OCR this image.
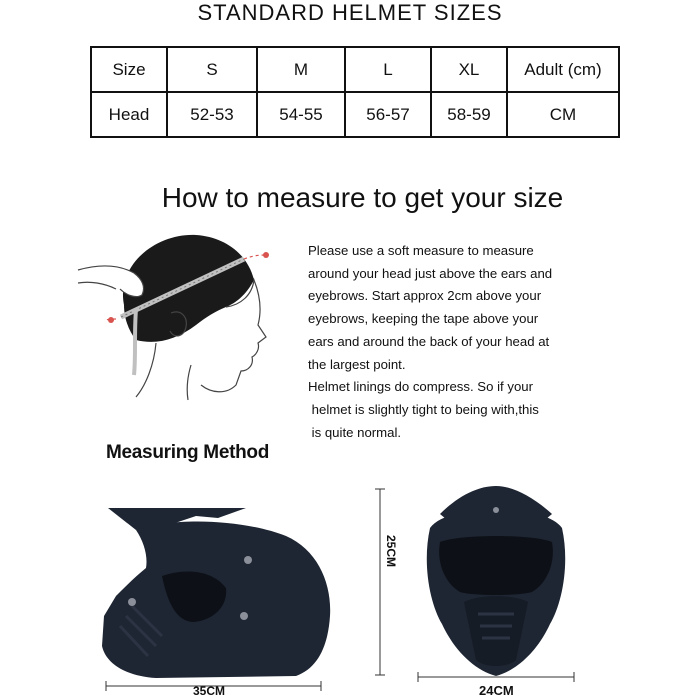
STANDARD HELMET SIZES
Size	S	M	L	XL	Adult (cm)
Head	52-53	54-55	56-57	58-59	CM
How to measure to get your size
Please use a soft measure to measure
around your head just above the ears and
eyebrows. Start approx 2cm above your
eyebrows, keeping the tape above your
ears and around the back of your head at
the largest point.
Helmet linings do compress. So if your
helmet is slightly tight to being with,this
is quite normal.
Measuring Method
35CM
25CM
24CM
